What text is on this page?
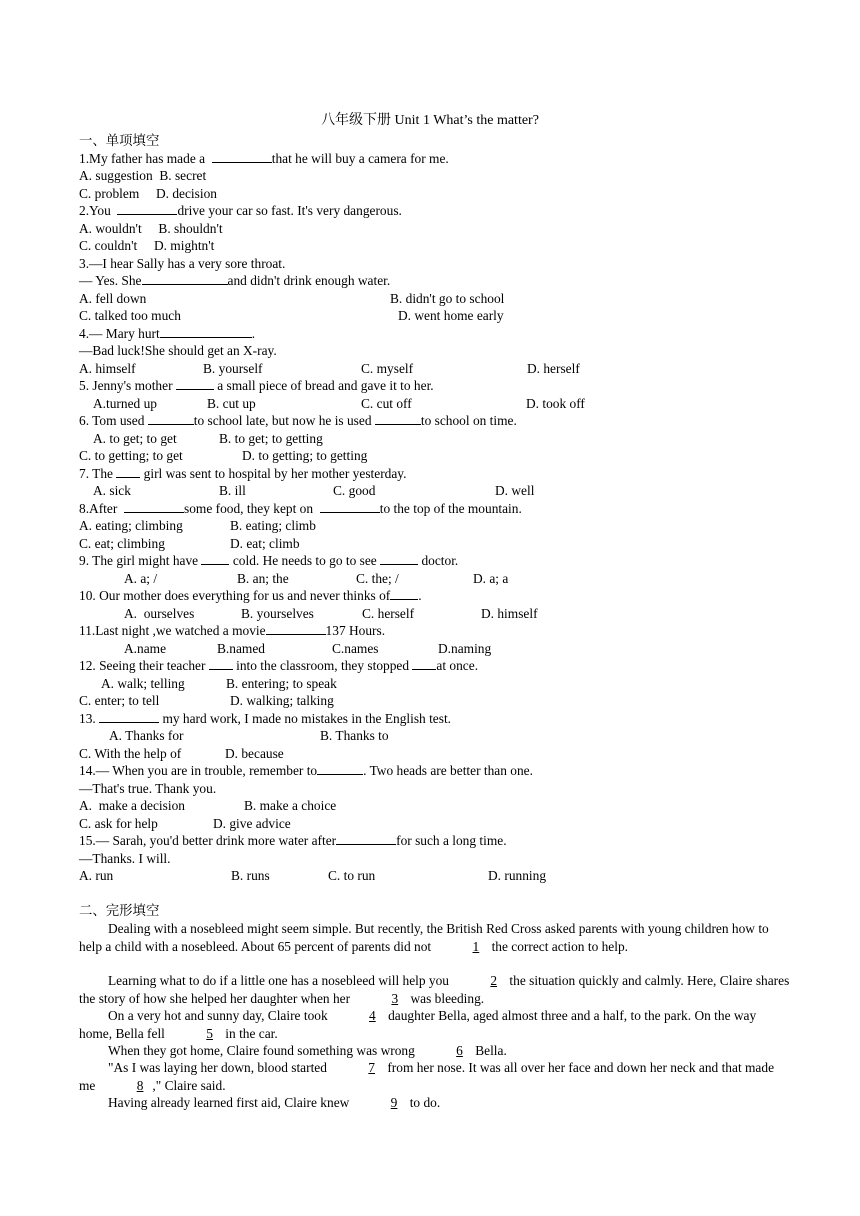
八年级下册 Unit 1 What’s the matter?
一、单项填空
1.My father has made a	that he will buy a camera for me.
A. suggestion  B. secret
C. problem     D. decision
2.You	drive your car so fast. It's very dangerous.
A. wouldn't     B. shouldn't
C. couldn't     D. mightn't
3.—I hear Sally has a very sore throat.
— Yes. She	and didn't drink enough water.
A. fell down	B. didn't go to school
C. talked too much	D. went home early
4.— Mary hurt	.
—Bad luck!She should get an X-ray.
A. himself	B. yourself	C. myself	D. herself
5. Jenny's mother	a small piece of bread and gave it to her.
A.turned up	B. cut up	C. cut off	D. took off
6. Tom used	to school late, but now he is used	to school on time.
A. to get; to get	B. to get; to getting
C. to getting; to get	D. to getting; to getting
7. The  girl was sent to hospital by her mother yesterday.
A. sick	B. ill	C. good	D. well
8.After	some food, they kept on	to the top of the mountain.
A. eating; climbing	B. eating; climb
C. eat; climbing	D. eat; climb
9. The girl might have  cold. He needs to go to see	doctor.
A. a; /	B. an; the	C. the; /	D. a; a
10. Our mother does everything for us and never thinks of .
A.  ourselves	B. yourselves	C. herself	D. himself
11.Last night ,we watched a movie	137 Hours.
A.name	B.named	C.names	D.naming
12. Seeing their teacher  into the classroom, they stopped at once.
A. walk; telling	B. entering; to speak
C. enter; to tell	D. walking; talking
13.	my hard work, I made no mistakes in the English test.
A. Thanks for	B. Thanks to
C. With the help of	D. because
14.— When you are in trouble, remember to	. Two heads are better than one.
—That's true. Thank you.
A.  make a decision	B. make a choice
C. ask for help	D. give advice
15.— Sarah, you'd better drink more water after	for such a long time.
—Thanks. I will.
A. run	B. runs	C. to run	D. running
二、完形填空
Dealing with a nosebleed might seem simple. But recently, the British Red Cross asked parents with young children how to help a child with a nosebleed. About 65 percent of parents did not	1 the correct action to help.
Learning what to do if a little one has a nosebleed will help you	2 the situation quickly and calmly. Here, Claire shares the story of how she helped her daughter when her	3 was bleeding.
On a very hot and sunny day, Claire took	4 daughter Bella, aged almost three and a half, to the park. On the way home, Bella fell	5 in the car.
When they got home, Claire found something was wrong	6 Bella.
"As I was laying her down, blood started	7 from her nose. It was all over her face and down her neck and that made me	8 ," Claire said.
Having already learned first aid, Claire knew	9 to do.
